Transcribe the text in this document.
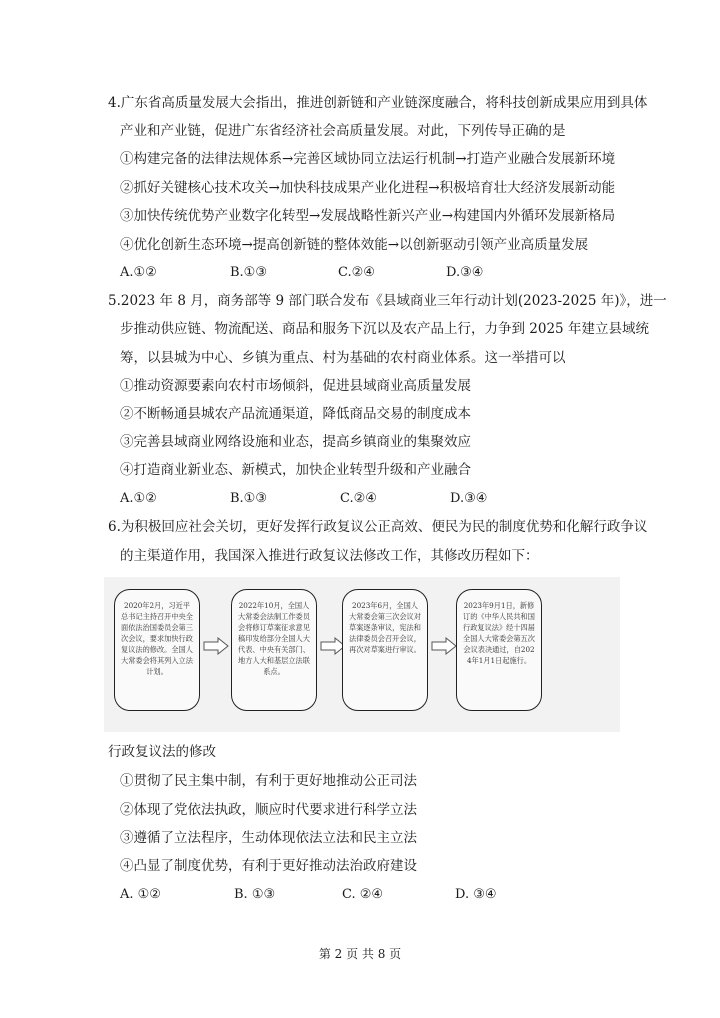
4.广东省高质量发展大会指出，推进创新链和产业链深度融合，将科技创新成果应用到具体
产业和产业链，促进广东省经济社会高质量发展。对此，下列传导正确的是
①构建完备的法律法规体系→完善区域协同立法运行机制→打造产业融合发展新环境
②抓好关键核心技术攻关→加快科技成果产业化进程→积极培育壮大经济发展新动能
③加快传统优势产业数字化转型→发展战略性新兴产业→构建国内外循环发展新格局
④优化创新生态环境→提高创新链的整体效能→以创新驱动引领产业高质量发展
A.①②	B.①③	C.②④	D.③④
5.2023 年 8 月，商务部等 9 部门联合发布《县域商业三年行动计划(2023-2025 年)》，进一
步推动供应链、物流配送、商品和服务下沉以及农产品上行，力争到 2025 年建立县域统
筹，以县城为中心、乡镇为重点、村为基础的农村商业体系。这一举措可以
①推动资源要素向农村市场倾斜，促进县域商业高质量发展
②不断畅通县城农产品流通渠道，降低商品交易的制度成本
③完善县域商业网络设施和业态，提高乡镇商业的集聚效应
④打造商业新业态、新模式，加快企业转型升级和产业融合
A.①②	B.①③	C.②④	D.③④
6.为积极回应社会关切，更好发挥行政复议公正高效、便民为民的制度优势和化解行政争议
的主渠道作用，我国深入推进行政复议法修改工作，其修改历程如下：
2020年2月，习近平总书记主持召开中央全面依法治国委员会第三次会议，要求加快行政复议法的修改。全国人大常委会将其列入立法计划。
2022年10月，全国人大常委会法制工作委员会将修订草案征求意见稿印发给部分全国人大代表、中央有关部门、地方人大和基层立法联系点。
2023年6月，全国人大常委会第三次会议对草案逐条审议，宪法和法律委员会召开会议，再次对草案进行审议。
2023年9月1日，新修订的《中华人民共和国行政复议法》经十四届全国人大常委会第五次会议表决通过，自2024年1月1日起施行。
行政复议法的修改
①贯彻了民主集中制，有利于更好地推动公正司法
②体现了党依法执政，顺应时代要求进行科学立法
③遵循了立法程序，生动体现依法立法和民主立法
④凸显了制度优势，有利于更好推动法治政府建设
A. ①②	B. ①③	C. ②④	D. ③④
第 2 页 共 8 页
